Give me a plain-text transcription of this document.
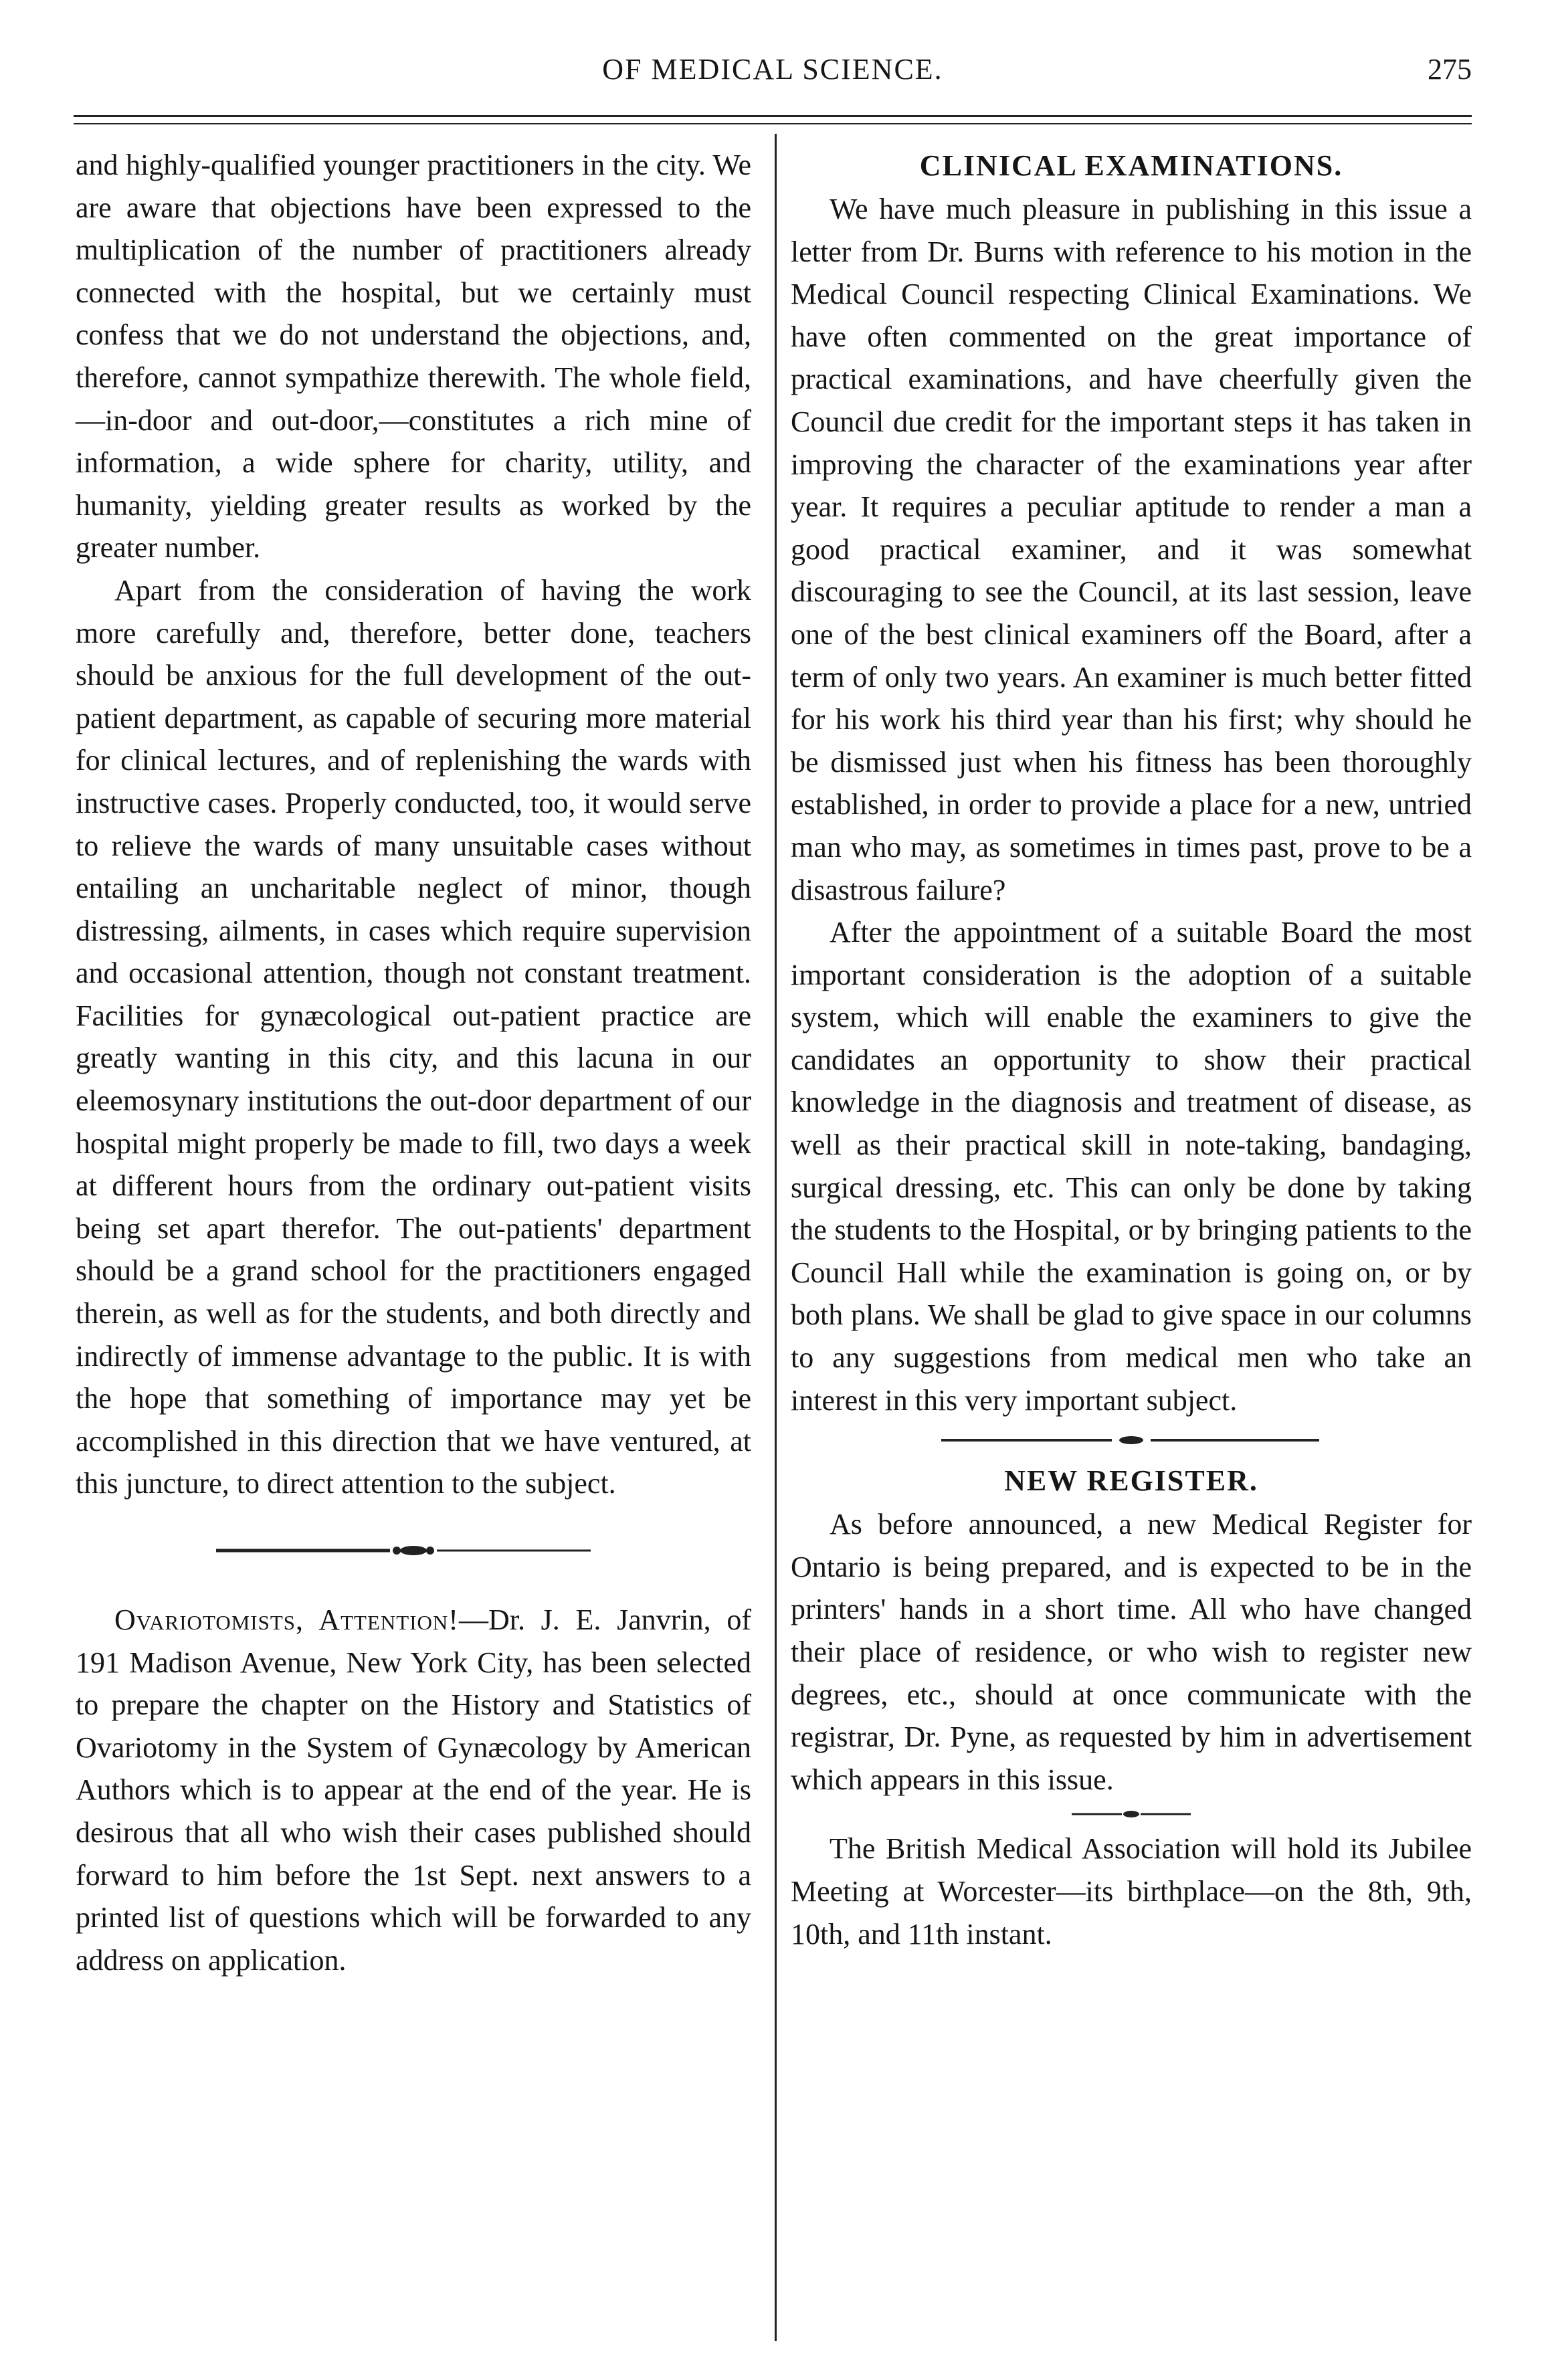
OF MEDICAL SCIENCE.	275

and highly-qualified younger practitioners in the city. We are aware that objections have been expressed to the multiplication of the number of practitioners already connected with the hospital, but we certainly must confess that we do not understand the objections, and, therefore, cannot sympathize therewith. The whole field,—in-door and out-door,—constitutes a rich mine of information, a wide sphere for charity, utility, and humanity, yielding greater results as worked by the greater number.

Apart from the consideration of having the work more carefully and, therefore, better done, teachers should be anxious for the full development of the out-patient department, as capable of securing more material for clinical lectures, and of replenishing the wards with instructive cases. Properly conducted, too, it would serve to relieve the wards of many unsuitable cases without entailing an uncharitable neglect of minor, though distressing, ailments, in cases which require supervision and occasional attention, though not constant treatment. Facilities for gynæcological out-patient practice are greatly wanting in this city, and this lacuna in our eleemosynary institutions the out-door department of our hospital might properly be made to fill, two days a week at different hours from the ordinary out-patient visits being set apart therefor. The out-patients' department should be a grand school for the practitioners engaged therein, as well as for the students, and both directly and indirectly of immense advantage to the public. It is with the hope that something of importance may yet be accomplished in this direction that we have ventured, at this juncture, to direct attention to the subject.

Ovariotomists, Attention!—Dr. J. E. Janvrin, of 191 Madison Avenue, New York City, has been selected to prepare the chapter on the History and Statistics of Ovariotomy in the System of Gynæcology by American Authors which is to appear at the end of the year. He is desirous that all who wish their cases published should forward to him before the 1st Sept. next answers to a printed list of questions which will be forwarded to any address on application.

CLINICAL EXAMINATIONS.

We have much pleasure in publishing in this issue a letter from Dr. Burns with reference to his motion in the Medical Council respecting Clinical Examinations. We have often commented on the great importance of practical examinations, and have cheerfully given the Council due credit for the important steps it has taken in improving the character of the examinations year after year. It requires a peculiar aptitude to render a man a good practical examiner, and it was somewhat discouraging to see the Council, at its last session, leave one of the best clinical examiners off the Board, after a term of only two years. An examiner is much better fitted for his work his third year than his first; why should he be dismissed just when his fitness has been thoroughly established, in order to provide a place for a new, untried man who may, as sometimes in times past, prove to be a disastrous failure?

After the appointment of a suitable Board the most important consideration is the adoption of a suitable system, which will enable the examiners to give the candidates an opportunity to show their practical knowledge in the diagnosis and treatment of disease, as well as their practical skill in note-taking, bandaging, surgical dressing, etc. This can only be done by taking the students to the Hospital, or by bringing patients to the Council Hall while the examination is going on, or by both plans. We shall be glad to give space in our columns to any suggestions from medical men who take an interest in this very important subject.

NEW REGISTER.

As before announced, a new Medical Register for Ontario is being prepared, and is expected to be in the printers' hands in a short time. All who have changed their place of residence, or who wish to register new degrees, etc., should at once communicate with the registrar, Dr. Pyne, as requested by him in advertisement which appears in this issue.

The British Medical Association will hold its Jubilee Meeting at Worcester—its birthplace—on the 8th, 9th, 10th, and 11th instant.
